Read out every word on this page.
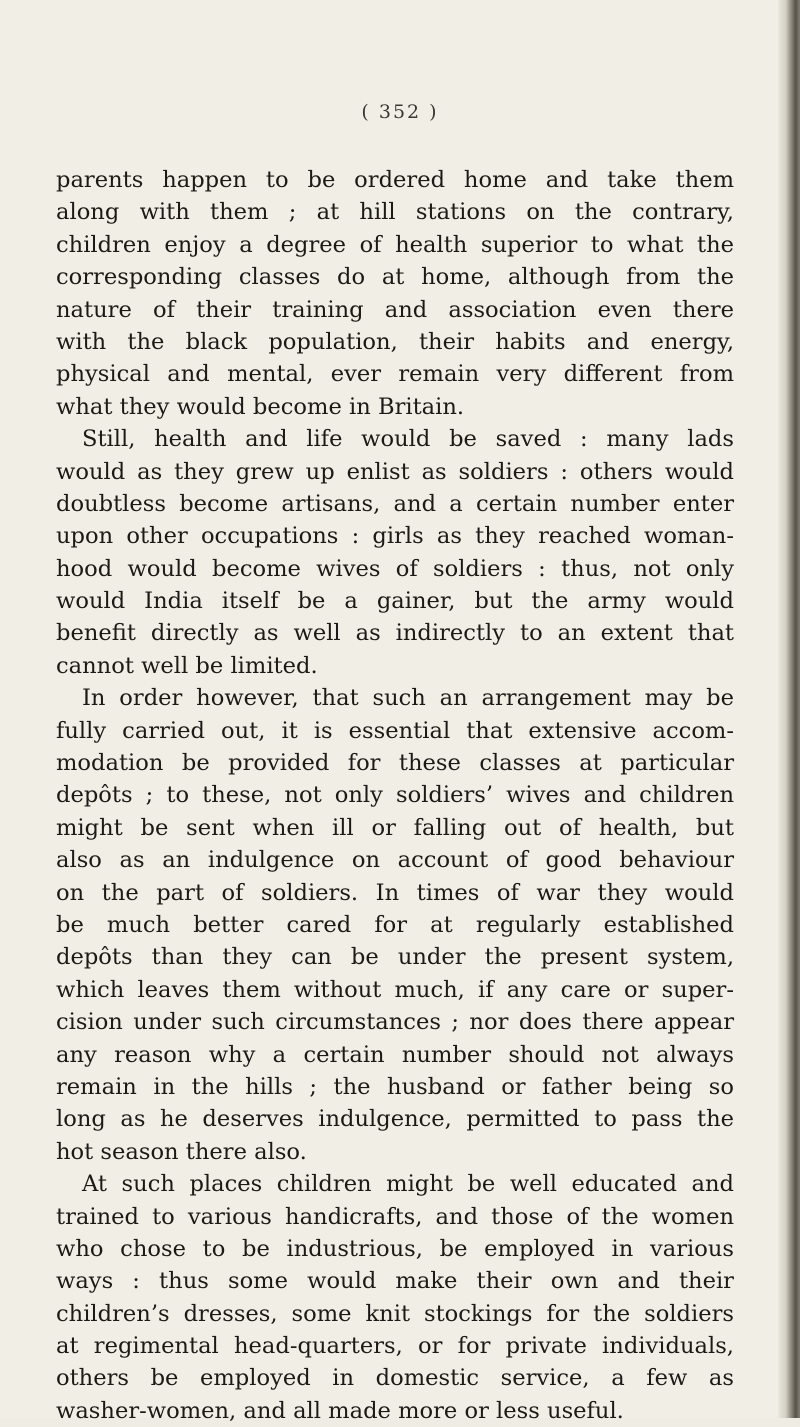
( 352 )
parents happen to be ordered home and take them
along with them ; at hill stations on the contrary,
children enjoy a degree of health superior to what the
corresponding classes do at home, although from the
nature of their training and association even there
with the black population, their habits and energy,
physical and mental, ever remain very different from
what they would become in Britain.
Still, health and life would be saved : many lads
would as they grew up enlist as soldiers : others would
doubtless become artisans, and a certain number enter
upon other occupations : girls as they reached woman-
hood would become wives of soldiers : thus, not only
would India itself be a gainer, but the army would
benefit directly as well as indirectly to an extent that
cannot well be limited.
In order however, that such an arrangement may be
fully carried out, it is essential that extensive accom-
modation be provided for these classes at particular
depôts ; to these, not only soldiers’ wives and children
might be sent when ill or falling out of health, but
also as an indulgence on account of good behaviour
on the part of soldiers. In times of war they would
be much better cared for at regularly established
depôts than they can be under the present system,
which leaves them without much, if any care or super-
cision under such circumstances ; nor does there appear
any reason why a certain number should not always
remain in the hills ; the husband or father being so
long as he deserves indulgence, permitted to pass the
hot season there also.
At such places children might be well educated and
trained to various handicrafts, and those of the women
who chose to be industrious, be employed in various
ways : thus some would make their own and their
children’s dresses, some knit stockings for the soldiers
at regimental head-quarters, or for private individuals,
others be employed in domestic service, a few as
washer-women, and all made more or less useful.
